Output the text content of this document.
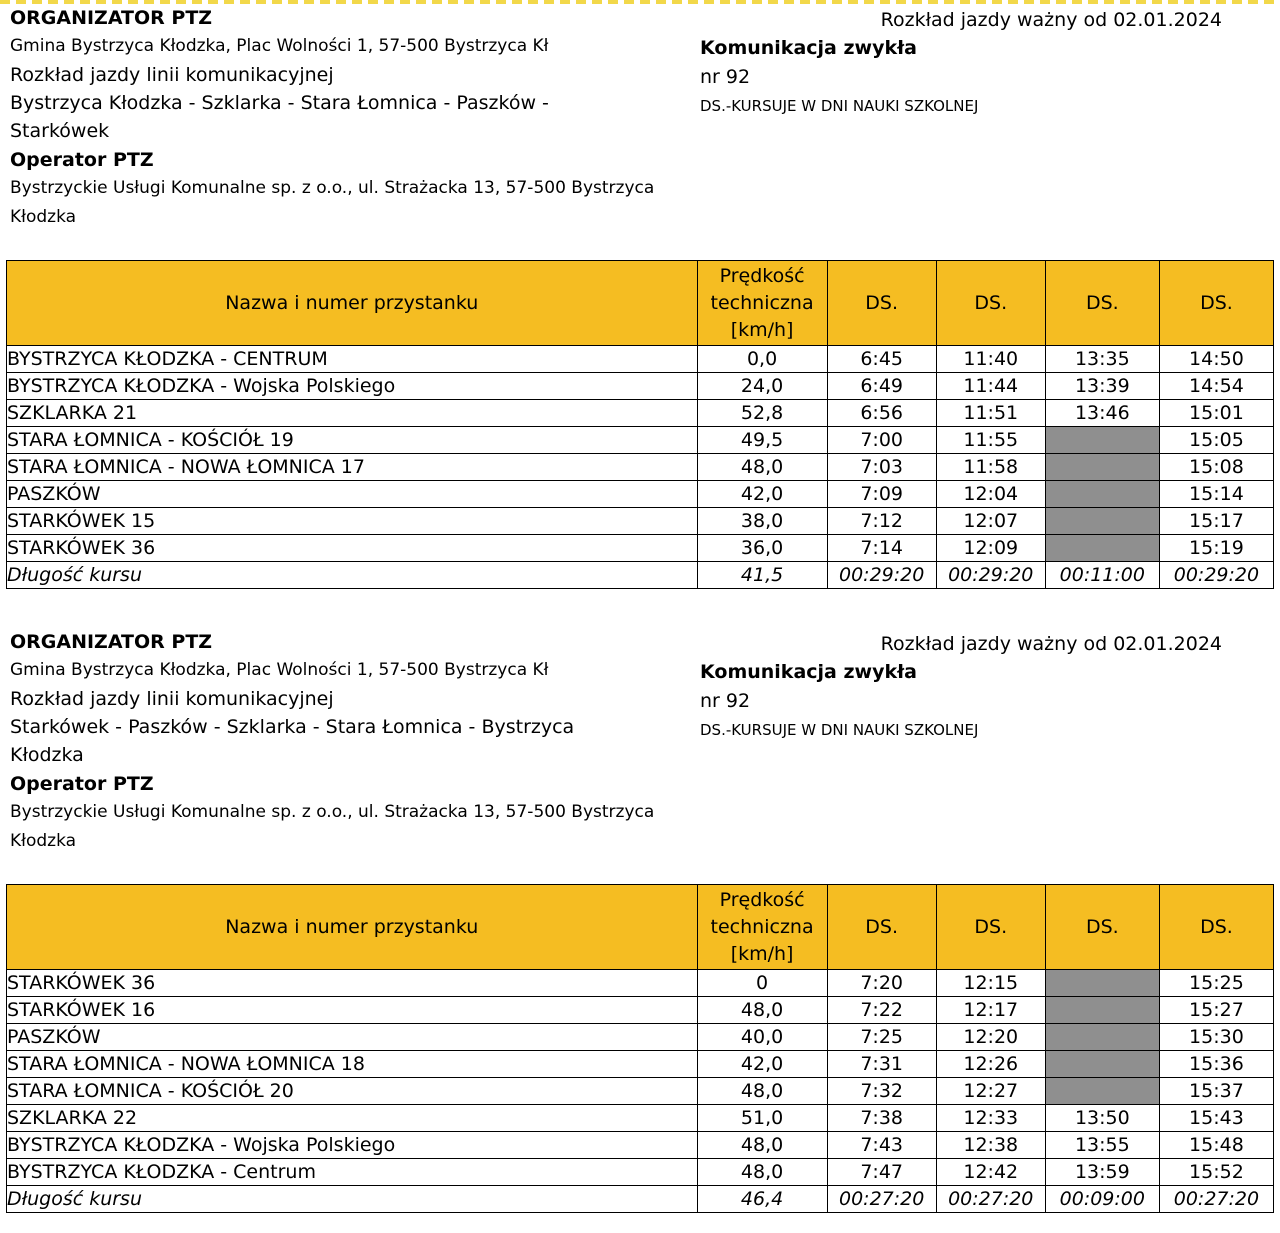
ORGANIZATOR PTZ
Gmina Bystrzyca Kłodzka, Plac Wolności 1, 57-500 Bystrzyca Kł
Rozkład jazdy linii komunikacyjnej
Bystrzyca Kłodzka - Szklarka - Stara Łomnica - Paszków -
Starkówek
Operator PTZ
Bystrzyckie Usługi Komunalne sp. z o.o., ul. Strażacka 13, 57-500 Bystrzyca
Kłodzka
Rozkład jazdy ważny od 02.01.2024
Komunikacja zwykła
nr 92
DS.-KURSUJE W DNI NAUKI SZKOLNEJ
Nazwa i numer przystanku	Prędkość techniczna [km/h]	DS.	DS.	DS.	DS.
BYSTRZYCA KŁODZKA - CENTRUM	0,0	6:45	11:40	13:35	14:50
BYSTRZYCA KŁODZKA - Wojska Polskiego	24,0	6:49	11:44	13:39	14:54
SZKLARKA 21	52,8	6:56	11:51	13:46	15:01
STARA ŁOMNICA - KOŚCIÓŁ 19	49,5	7:00	11:55		15:05
STARA ŁOMNICA - NOWA ŁOMNICA 17	48,0	7:03	11:58		15:08
PASZKÓW	42,0	7:09	12:04		15:14
STARKÓWEK 15	38,0	7:12	12:07		15:17
STARKÓWEK 36	36,0	7:14	12:09		15:19
Długość kursu	41,5	00:29:20	00:29:20	00:11:00	00:29:20
ORGANIZATOR PTZ
Gmina Bystrzyca Kłodzka, Plac Wolności 1, 57-500 Bystrzyca Kł
Rozkład jazdy linii komunikacyjnej
Starkówek - Paszków - Szklarka - Stara Łomnica - Bystrzyca
Kłodzka
Operator PTZ
Bystrzyckie Usługi Komunalne sp. z o.o., ul. Strażacka 13, 57-500 Bystrzyca
Kłodzka
Rozkład jazdy ważny od 02.01.2024
Komunikacja zwykła
nr 92
DS.-KURSUJE W DNI NAUKI SZKOLNEJ
Nazwa i numer przystanku	Prędkość techniczna [km/h]	DS.	DS.	DS.	DS.
STARKÓWEK 36	0	7:20	12:15		15:25
STARKÓWEK 16	48,0	7:22	12:17		15:27
PASZKÓW	40,0	7:25	12:20		15:30
STARA ŁOMNICA - NOWA ŁOMNICA 18	42,0	7:31	12:26		15:36
STARA ŁOMNICA - KOŚCIÓŁ 20	48,0	7:32	12:27		15:37
SZKLARKA 22	51,0	7:38	12:33	13:50	15:43
BYSTRZYCA KŁODZKA - Wojska Polskiego	48,0	7:43	12:38	13:55	15:48
BYSTRZYCA KŁODZKA - Centrum	48,0	7:47	12:42	13:59	15:52
Długość kursu	46,4	00:27:20	00:27:20	00:09:00	00:27:20
